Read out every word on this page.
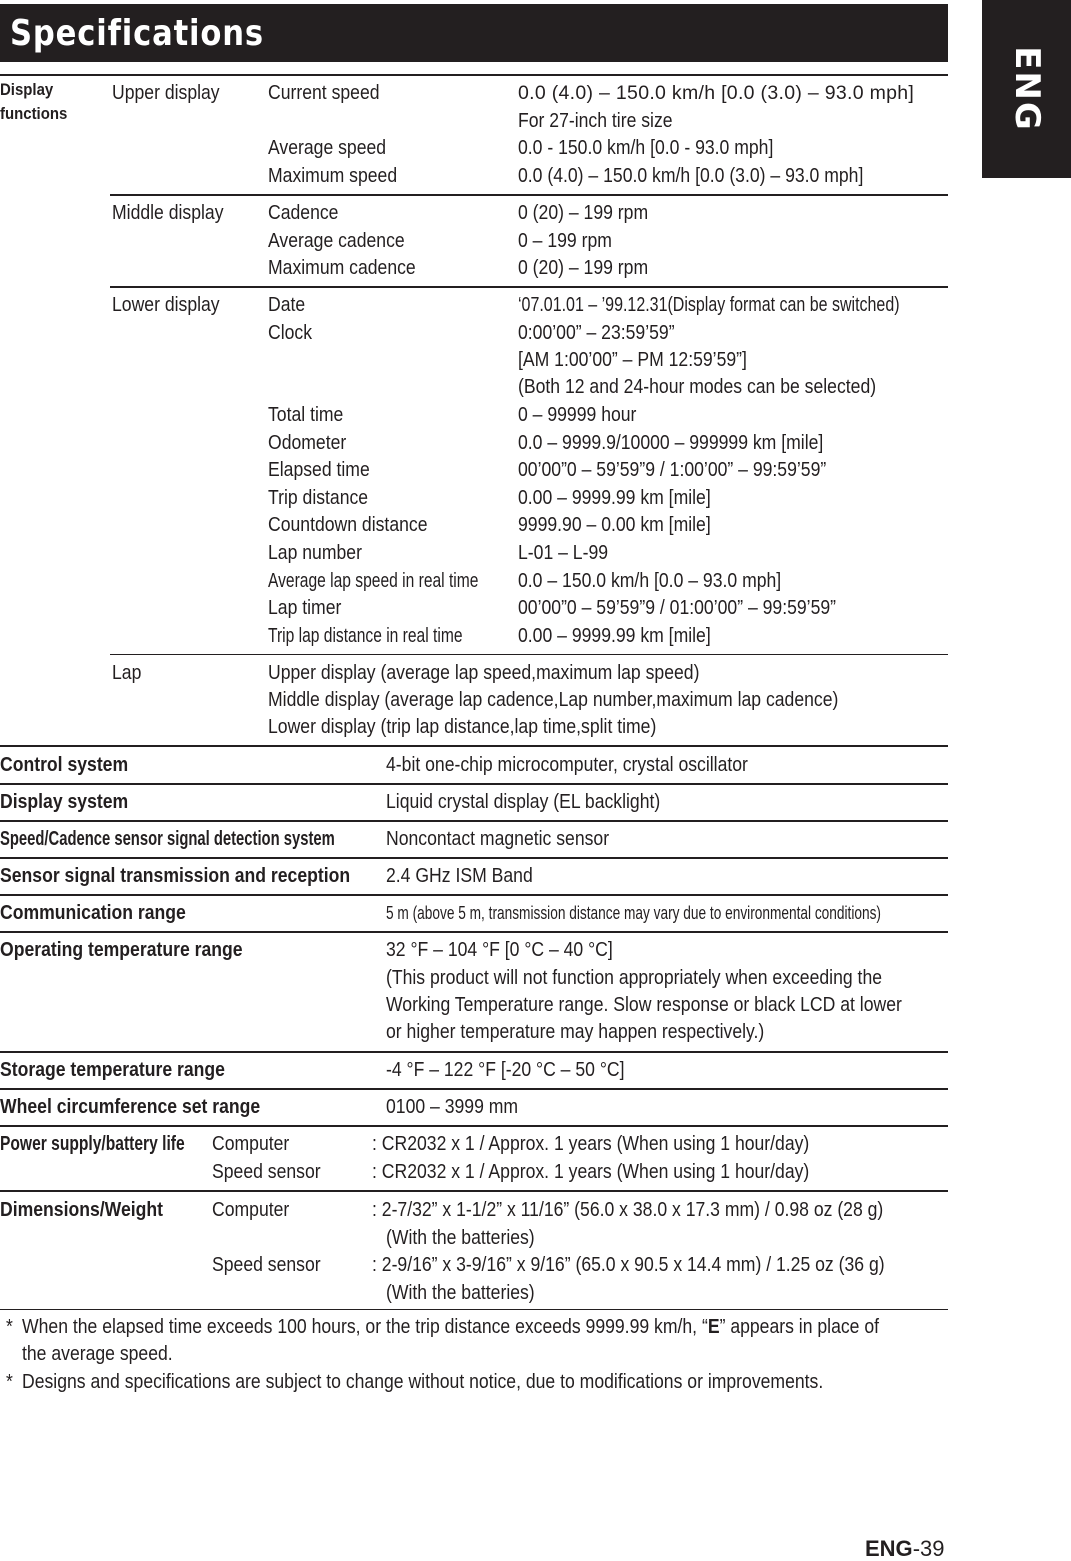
Specifications
ENG
Display
functions
Upper display Current speed	0.0 (4.0) – 150.0 km/h [0.0 (3.0) – 93.0 mph]
For 27-inch tire size
Average speed	0.0 - 150.0 km/h [0.0 - 93.0 mph]
Maximum speed	0.0 (4.0) – 150.0 km/h [0.0 (3.0) – 93.0 mph]
Middle display Cadence	0 (20) – 199 rpm
Average cadence	0 – 199 rpm
Maximum cadence	0 (20) – 199 rpm
Lower display Date	‘07.01.01 – ’99.12.31(Display format can be switched)
Clock	0:00’00” – 23:59’59”
[AM 1:00’00” – PM 12:59’59”]
(Both 12 and 24-hour modes can be selected)
Total time	0 – 99999 hour
Odometer	0.0 – 9999.9/10000 – 999999 km [mile]
Elapsed time	00’00”0 – 59’59”9 / 1:00’00” – 99:59’59”
Trip distance	0.00 – 9999.99 km [mile]
Countdown distance	9999.90 – 0.00 km [mile]
Lap number	L-01 – L-99
Average lap speed in real time 0.0 – 150.0 km/h [0.0 – 93.0 mph]
Lap timer	00’00”0 – 59’59”9 / 01:00’00” – 99:59’59”
Trip lap distance in real time	0.00 – 9999.99 km [mile]
Lap	Upper display (average lap speed,maximum lap speed)
Middle display (average lap cadence,Lap number,maximum lap cadence)
Lower display (trip lap distance,lap time,split time)
Control system	4-bit one-chip microcomputer, crystal oscillator
Display system	Liquid crystal display (EL backlight)
Speed/Cadence sensor signal detection system	Noncontact magnetic sensor
Sensor signal transmission and reception 2.4 GHz ISM Band
Communication range	5 m (above 5 m, transmission distance may vary due to environmental conditions)
Operating temperature range	32 °F – 104 °F [0 °C – 40 °C]
(This product will not function appropriately when exceeding the
Working Temperature range. Slow response or black LCD at lower
or higher temperature may happen respectively.)
Storage temperature range	-4 °F – 122 °F [-20 °C – 50 °C]
Wheel circumference set range	0100 – 3999 mm
Power supply/battery life Computer	: CR2032 x 1 / Approx. 1 years (When using 1 hour/day)
Speed sensor	: CR2032 x 1 / Approx. 1 years (When using 1 hour/day)
Dimensions/Weight Computer	: 2-7/32” x 1-1/2” x 11/16” (56.0 x 38.0 x 17.3 mm) / 0.98 oz (28 g)
(With the batteries)
Speed sensor	: 2-9/16” x 3-9/16” x 9/16” (65.0 x 90.5 x 14.4 mm) / 1.25 oz (36 g)
(With the batteries)
* When the elapsed time exceeds 100 hours, or the trip distance exceeds 9999.99 km/h, “E” appears in place of
the average speed.
* Designs and specifications are subject to change without notice, due to modifications or improvements.
ENG-39
